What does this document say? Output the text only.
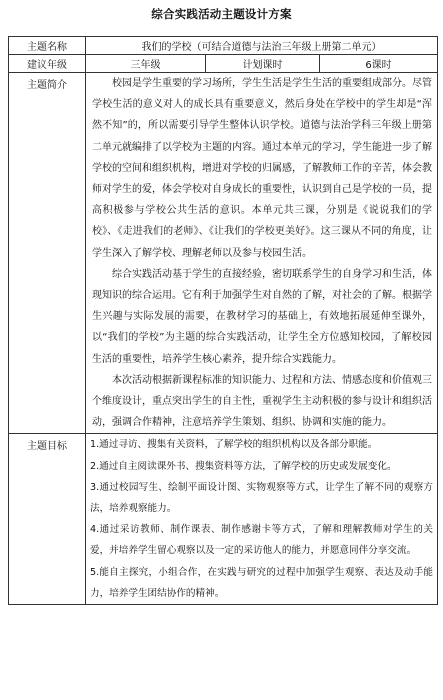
综合实践活动主题设计方案
主题名称	我们的学校（可结合道德与法治三年级上册第二单元）		
建议年级	三年级	计划课时	6课时
主题简介	校园是学生重要的学习场所，学生生活是学生生活的重要组成部分。尽管学校生活的意义对人的成长具有重要意义，然后身处在学校中的学生却是“浑然不知”的，所以需要引导学生整体认识学校。道德与法治学科三年级上册第二单元就编排了以学校为主题的内容。通过本单元的学习，学生能进一步了解学校的空间和组织机构，增进对学校的归属感，了解教师工作的辛苦，体会教师对学生的爱，体会学校对自身成长的重要性，认识到自己是学校的一员，提高积极参与学校公共生活的意识。本单元共三课，分别是《说说我们的学校》、《走进我们的老师》、《让我们的学校更美好》。这三课从不同的角度，让学生深入了解学校、理解老师以及参与校园生活。

综合实践活动基于学生的直接经验，密切联系学生的自身学习和生活，体现知识的综合运用。它有利于加强学生对自然的了解，对社会的了解。根据学生兴趣与实际发展的需要，在教材学习的基础上，有效地拓展延伸至课外，以“我们的学校”为主题的综合实践活动，让学生全方位感知校园，了解校园生活的重要性，培养学生核心素养，提升综合实践能力。

本次活动根据新课程标准的知识能力、过程和方法、情感态度和价值观三个维度设计，重点突出学生的自主性，重视学生主动积极的参与设计和组织活动，强调合作精神，注意培养学生策划、组织、协调和实施的能力。		

主题目标	1.通过寻访、搜集有关资料，了解学校的组织机构以及各部分职能。

2.通过自主阅读课外书、搜集资料等方法，了解学校的历史或发展变化。

3.通过校园写生、绘制平面设计图、实物观察等方式，让学生了解不同的观察方法，培养观察能力。

4.通过采访教师、制作课表、制作感谢卡等方式，了解和理解教师对学生的关爱，并培养学生留心观察以及一定的采访他人的能力，并愿意同伴分享交流。

5.能自主探究，小组合作，在实践与研究的过程中加强学生观察、表达及动手能力，培养学生团结协作的精神。		
